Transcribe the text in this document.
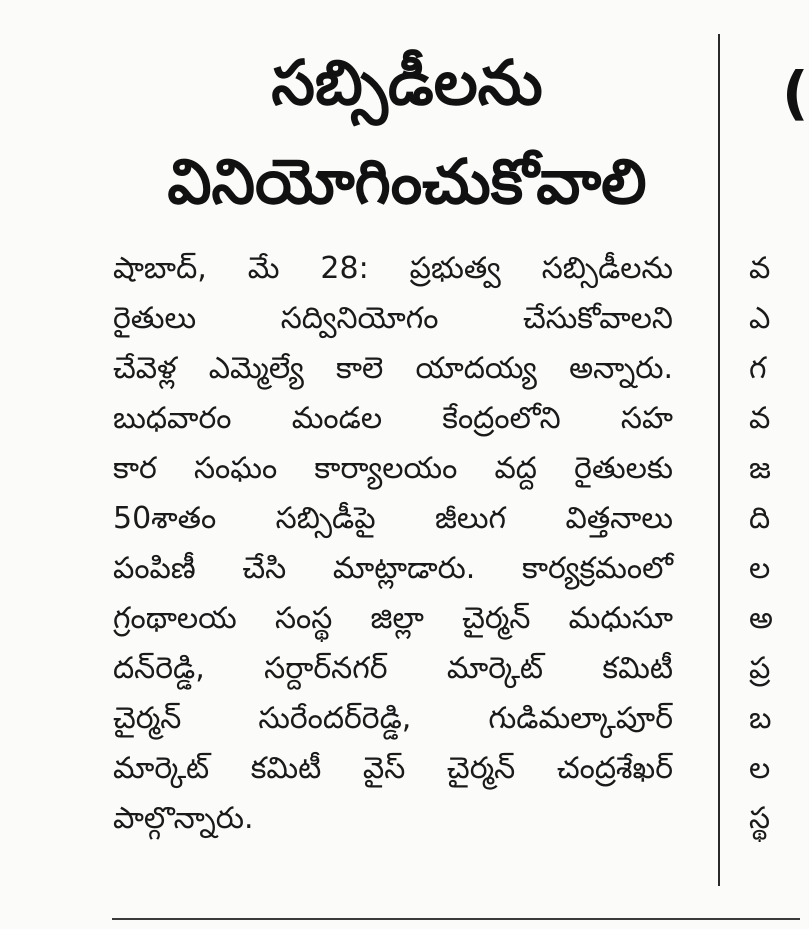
సబ్సిడీలను
వినియోగించుకోవాలి
షాబాద్, మే 28: ప్రభుత్వ సబ్సిడీలను
రైతులు సద్వినియోగం చేసుకోవాలని
చేవెళ్ల ఎమ్మెల్యే కాలె యాదయ్య అన్నారు.
బుధవారం మండల కేంద్రంలోని సహ
కార సంఘం కార్యాలయం వద్ద రైతులకు
50శాతం సబ్సిడీపై జీలుగ విత్తనాలు
పంపిణీ చేసి మాట్లాడారు. కార్యక్రమంలో
గ్రంథాలయ సంస్థ జిల్లా చైర్మన్ మధుసూ
దన్‌రెడ్డి, సర్దార్‌నగర్ మార్కెట్ కమిటీ
చైర్మన్ సురేందర్‌రెడ్డి, గుడిమల్కాపూర్
మార్కెట్ కమిటీ వైస్ చైర్మన్ చంద్రశేఖర్
పాల్గొన్నారు.
(
వ
ఎ
గ
వ
జ
ది
ల
అ
ప్ర
బ
ల
స్థ
